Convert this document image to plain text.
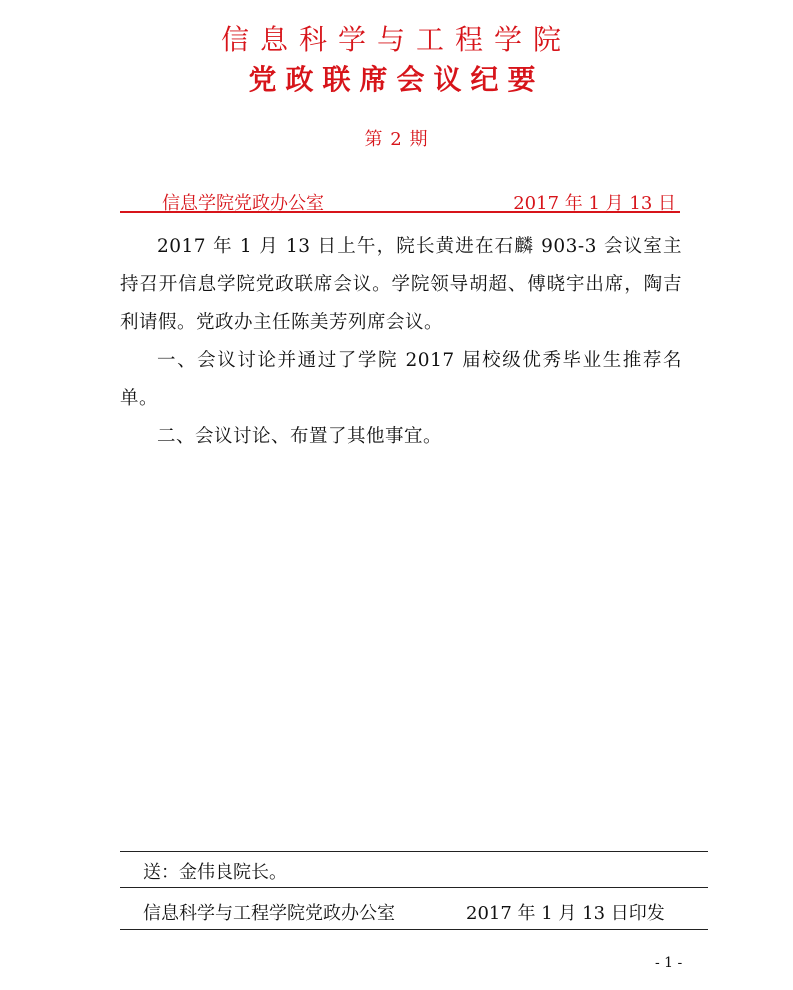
信息科学与工程学院
党政联席会议纪要
第 2 期
信息学院党政办公室	2017 年 1 月 13 日

2017 年 1 月 13 日上午，院长黄进在石麟 903-3 会议室主持召开信息学院党政联席会议。学院领导胡超、傅晓宇出席，陶吉利请假。党政办主任陈美芳列席会议。

一、会议讨论并通过了学院 2017 届校级优秀毕业生推荐名单。

二、会议讨论、布置了其他事宜。

送：金伟良院长。
信息科学与工程学院党政办公室	2017 年 1 月 13 日印发
- 1 -
